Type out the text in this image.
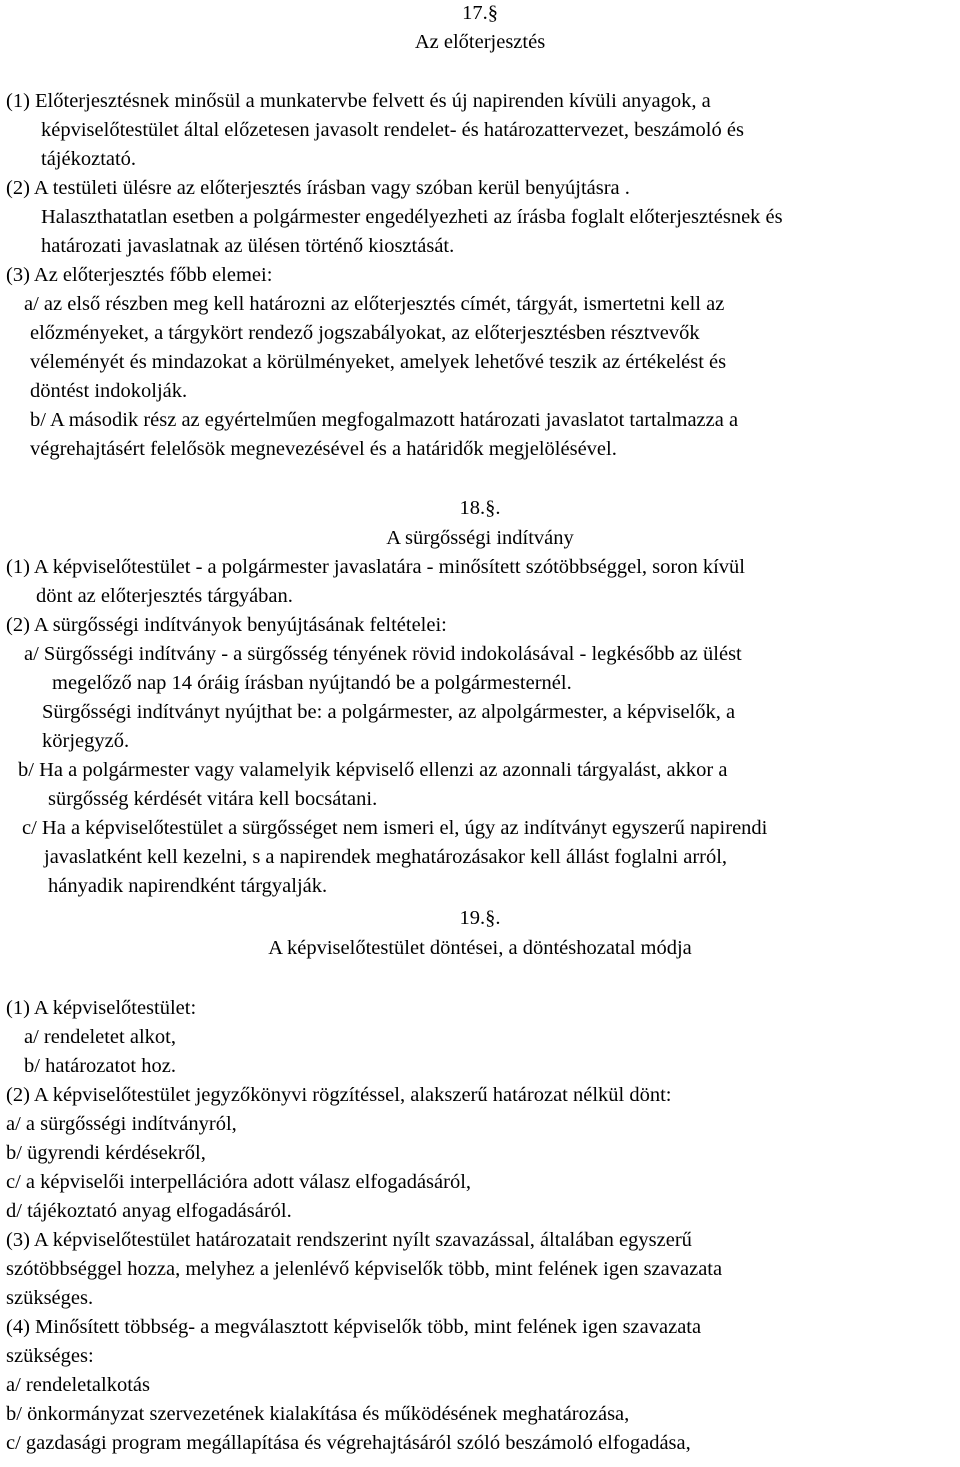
17.§
Az előterjesztés
(1) Előterjesztésnek minősül a munkatervbe felvett és új napirenden kívüli anyagok, a
képviselőtestület által előzetesen javasolt rendelet- és határozattervezet, beszámoló és
tájékoztató.
(2) A testületi ülésre az előterjesztés írásban vagy szóban kerül benyújtásra .
Halaszthatatlan esetben a polgármester engedélyezheti az írásba foglalt előterjesztésnek és
határozati javaslatnak az ülésen történő kiosztását.
(3) Az előterjesztés főbb elemei:
a/ az első részben meg kell határozni az előterjesztés címét, tárgyát, ismertetni kell az
előzményeket, a tárgykört rendező jogszabályokat, az előterjesztésben résztvevők
véleményét és mindazokat a körülményeket, amelyek lehetővé teszik az értékelést és
döntést indokolják.
b/ A második rész az egyértelműen megfogalmazott határozati javaslatot tartalmazza a
végrehajtásért felelősök megnevezésével és a határidők megjelölésével.
18.§.
A sürgősségi indítvány
(1) A képviselőtestület - a polgármester javaslatára - minősített szótöbbséggel, soron kívül
dönt az előterjesztés tárgyában.
(2) A sürgősségi indítványok benyújtásának feltételei:
a/ Sürgősségi indítvány - a sürgősség tényének rövid indokolásával - legkésőbb az ülést
megelőző nap 14 óráig írásban nyújtandó be a polgármesternél.
Sürgősségi indítványt nyújthat be: a polgármester, az alpolgármester, a képviselők, a
körjegyző.
b/ Ha a polgármester vagy valamelyik képviselő ellenzi az azonnali tárgyalást, akkor a
sürgősség kérdését vitára kell bocsátani.
c/ Ha a képviselőtestület a sürgősséget nem ismeri el, úgy az indítványt egyszerű napirendi
javaslatként kell kezelni, s a napirendek meghatározásakor kell állást foglalni arról,
hányadik napirendként tárgyalják.
19.§.
A képviselőtestület döntései, a döntéshozatal módja
(1) A képviselőtestület:
a/ rendeletet alkot,
b/ határozatot hoz.
(2) A képviselőtestület jegyzőkönyvi rögzítéssel, alakszerű határozat nélkül dönt:
a/ a sürgősségi indítványról,
b/ ügyrendi kérdésekről,
c/ a képviselői interpellációra adott válasz elfogadásáról,
d/ tájékoztató anyag elfogadásáról.
(3) A képviselőtestület határozatait rendszerint nyílt szavazással, általában egyszerű
szótöbbséggel hozza, melyhez a jelenlévő képviselők több, mint felének igen szavazata
szükséges.
(4) Minősített többség- a megválasztott képviselők több, mint felének igen szavazata
szükséges:
a/ rendeletalkotás
b/ önkormányzat szervezetének kialakítása és működésének meghatározása,
c/ gazdasági program megállapítása és végrehajtásáról szóló beszámoló elfogadása,
